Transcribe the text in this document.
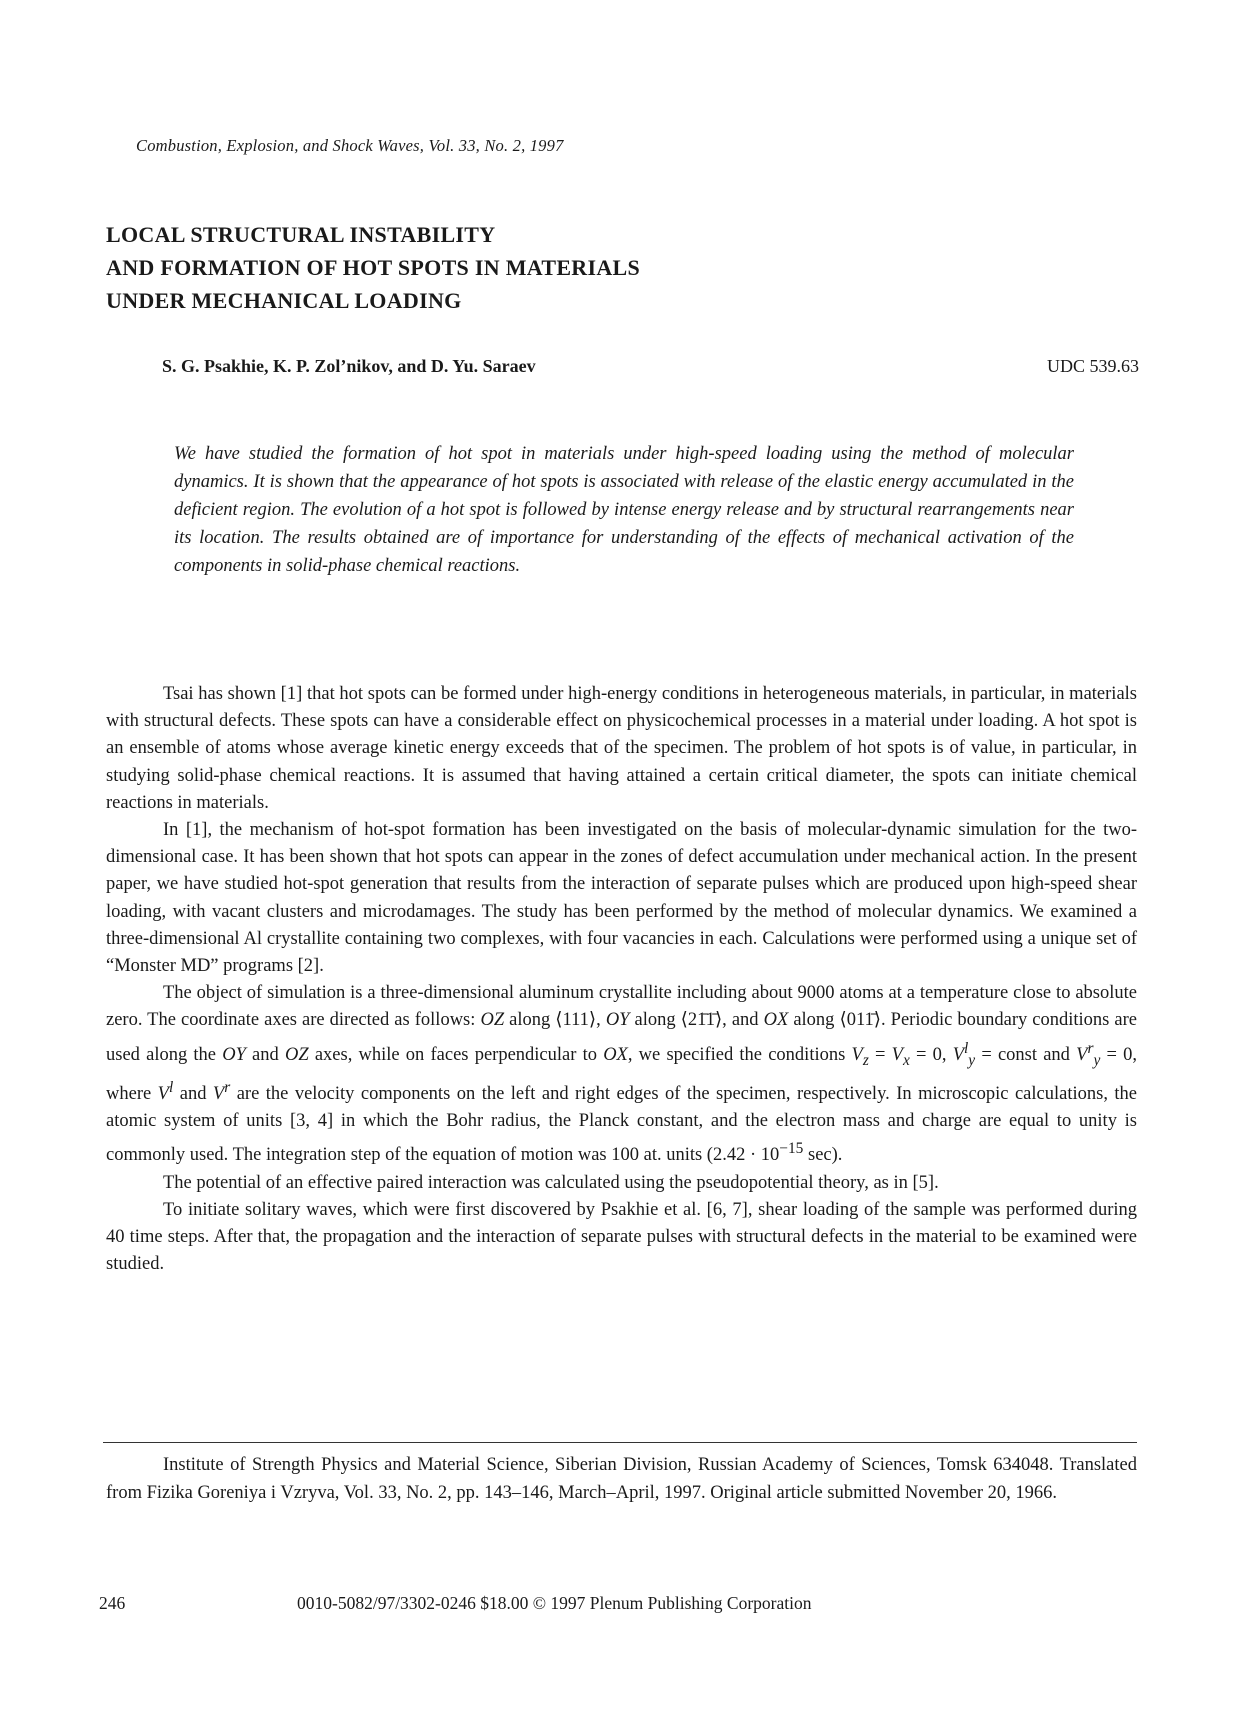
Combustion, Explosion, and Shock Waves, Vol. 33, No. 2, 1997
LOCAL STRUCTURAL INSTABILITY
AND FORMATION OF HOT SPOTS IN MATERIALS
UNDER MECHANICAL LOADING
S. G. Psakhie, K. P. Zol’nikov, and D. Yu. Saraev	UDC 539.63
We have studied the formation of hot spot in materials under high-speed loading using the method of molecular dynamics. It is shown that the appearance of hot spots is associated with release of the elastic energy accumulated in the deficient region. The evolution of a hot spot is followed by intense energy release and by structural rearrangements near its location. The results obtained are of importance for understanding of the effects of mechanical activation of the components in solid-phase chemical reactions.

Tsai has shown [1] that hot spots can be formed under high-energy conditions in heterogeneous materials, in particular, in materials with structural defects. These spots can have a considerable effect on physicochemical processes in a material under loading. A hot spot is an ensemble of atoms whose average kinetic energy exceeds that of the specimen. The problem of hot spots is of value, in particular, in studying solid-phase chemical reactions. It is assumed that having attained a certain critical diameter, the spots can initiate chemical reactions in materials.

In [1], the mechanism of hot-spot formation has been investigated on the basis of molecular-dynamic simulation for the two-dimensional case. It has been shown that hot spots can appear in the zones of defect accumulation under mechanical action. In the present paper, we have studied hot-spot generation that results from the interaction of separate pulses which are produced upon high-speed shear loading, with vacant clusters and microdamages. The study has been performed by the method of molecular dynamics. We examined a three-dimensional Al crystallite containing two complexes, with four vacancies in each. Calculations were performed using a unique set of “Monster MD” programs [2].

The object of simulation is a three-dimensional aluminum crystallite including about 9000 atoms at a temperature close to absolute zero. The coordinate axes are directed as follows: OZ along ⟨111⟩, OY along ⟨21̄1̄⟩, and OX along ⟨011̄⟩. Periodic boundary conditions are used along the OY and OZ axes, while on faces perpendicular to OX, we specified the conditions $V_z = V_x = 0$, $V^l_y$ = const and $V^r_y = 0$, where $V^l$ and $V^r$ are the velocity components on the left and right edges of the specimen, respectively. In microscopic calculations, the atomic system of units [3, 4] in which the Bohr radius, the Planck constant, and the electron mass and charge are equal to unity is commonly used. The integration step of the equation of motion was 100 at. units ($2.42 \cdot 10^{-15}$ sec).

The potential of an effective paired interaction was calculated using the pseudopotential theory, as in [5].

To initiate solitary waves, which were first discovered by Psakhie et al. [6, 7], shear loading of the sample was performed during 40 time steps. After that, the propagation and the interaction of separate pulses with structural defects in the material to be examined were studied.

Institute of Strength Physics and Material Science, Siberian Division, Russian Academy of Sciences, Tomsk 634048. Translated from Fizika Goreniya i Vzryva, Vol. 33, No. 2, pp. 143–146, March–April, 1997. Original article submitted November 20, 1966.

246	0010-5082/97/3302-0246 $18.00 © 1997 Plenum Publishing Corporation
